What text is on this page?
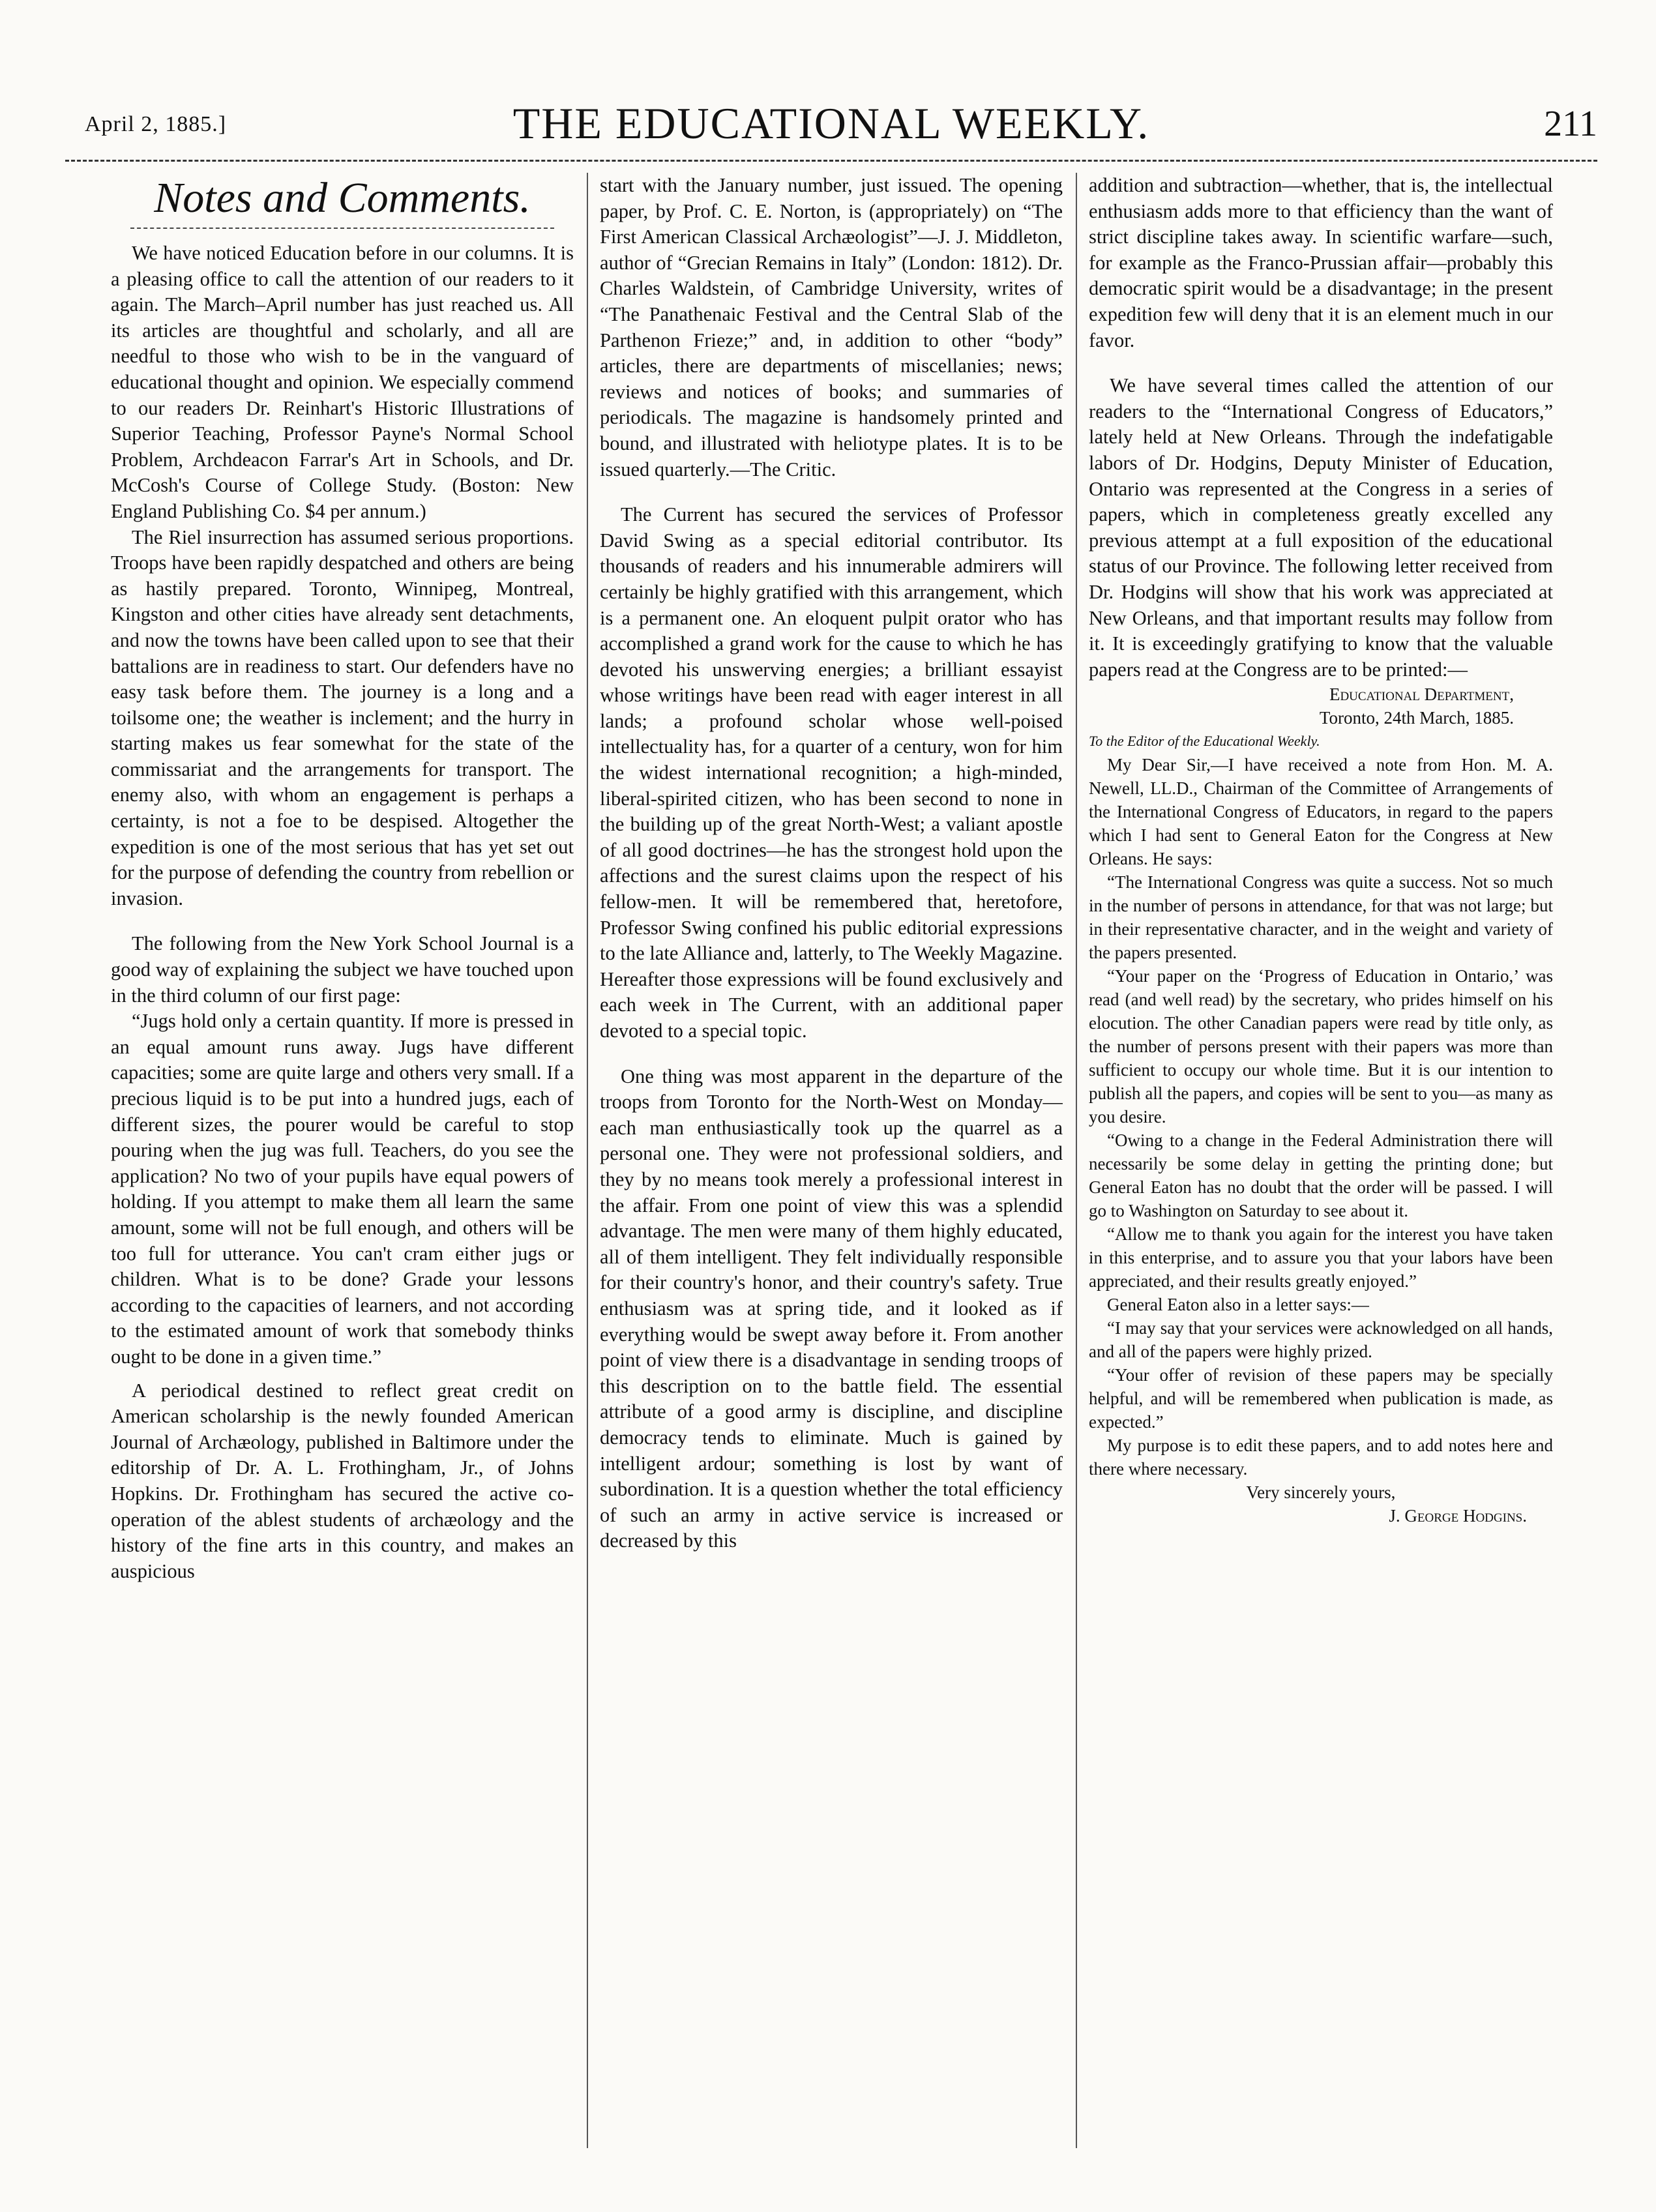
April 2, 1885.]	THE EDUCATIONAL WEEKLY.	211
Notes and Comments.

We have noticed Education before in our columns. It is a pleasing office to call the attention of our readers to it again. The March–April number has just reached us. All its articles are thoughtful and scholarly, and all are needful to those who wish to be in the vanguard of educational thought and opinion. We especially commend to our readers Dr. Reinhart's Historic Illustrations of Superior Teaching, Professor Payne's Normal School Problem, Archdeacon Farrar's Art in Schools, and Dr. McCosh's Course of College Study. (Boston: New England Publishing Co. $4 per annum.)

The Riel insurrection has assumed serious proportions. Troops have been rapidly despatched and others are being as hastily prepared. Toronto, Winnipeg, Montreal, Kingston and other cities have already sent detachments, and now the towns have been called upon to see that their battalions are in readiness to start. Our defenders have no easy task before them. The journey is a long and a toilsome one; the weather is inclement; and the hurry in starting makes us fear somewhat for the state of the commissariat and the arrangements for transport. The enemy also, with whom an engagement is perhaps a certainty, is not a foe to be despised. Altogether the expedition is one of the most serious that has yet set out for the purpose of defending the country from rebellion or invasion.

The following from the New York School Journal is a good way of explaining the subject we have touched upon in the third column of our first page:

“Jugs hold only a certain quantity. If more is pressed in an equal amount runs away. Jugs have different capacities; some are quite large and others very small. If a precious liquid is to be put into a hundred jugs, each of different sizes, the pourer would be careful to stop pouring when the jug was full. Teachers, do you see the application? No two of your pupils have equal powers of holding. If you attempt to make them all learn the same amount, some will not be full enough, and others will be too full for utterance. You can't cram either jugs or children. What is to be done? Grade your lessons according to the capacities of learners, and not according to the estimated amount of work that somebody thinks ought to be done in a given time.”

A periodical destined to reflect great credit on American scholarship is the newly founded American Journal of Archæology, published in Baltimore under the editorship of Dr. A. L. Frothingham, Jr., of Johns Hopkins. Dr. Frothingham has secured the active co-operation of the ablest students of archæology and the history of the fine arts in this country, and makes an auspicious

start with the January number, just issued. The opening paper, by Prof. C. E. Norton, is (appropriately) on “The First American Classical Archæologist”—J. J. Middleton, author of “Grecian Remains in Italy” (London: 1812). Dr. Charles Waldstein, of Cambridge University, writes of “The Panathenaic Festival and the Central Slab of the Parthenon Frieze;” and, in addition to other “body” articles, there are departments of miscellanies; news; reviews and notices of books; and summaries of periodicals. The magazine is handsomely printed and bound, and illustrated with heliotype plates. It is to be issued quarterly.—The Critic.

The Current has secured the services of Professor David Swing as a special editorial contributor. Its thousands of readers and his innumerable admirers will certainly be highly gratified with this arrangement, which is a permanent one. An eloquent pulpit orator who has accomplished a grand work for the cause to which he has devoted his unswerving energies; a brilliant essayist whose writings have been read with eager interest in all lands; a profound scholar whose well-poised intellectuality has, for a quarter of a century, won for him the widest international recognition; a high-minded, liberal-spirited citizen, who has been second to none in the building up of the great North-West; a valiant apostle of all good doctrines—he has the strongest hold upon the affections and the surest claims upon the respect of his fellow-men. It will be remembered that, heretofore, Professor Swing confined his public editorial expressions to the late Alliance and, latterly, to The Weekly Magazine. Hereafter those expressions will be found exclusively and each week in The Current, with an additional paper devoted to a special topic.

One thing was most apparent in the departure of the troops from Toronto for the North-West on Monday—each man enthusiastically took up the quarrel as a personal one. They were not professional soldiers, and they by no means took merely a professional interest in the affair. From one point of view this was a splendid advantage. The men were many of them highly educated, all of them intelligent. They felt individually responsible for their country's honor, and their country's safety. True enthusiasm was at spring tide, and it looked as if everything would be swept away before it. From another point of view there is a disadvantage in sending troops of this description on to the battle field. The essential attribute of a good army is discipline, and discipline democracy tends to eliminate. Much is gained by intelligent ardour; something is lost by want of subordination. It is a question whether the total efficiency of such an army in active service is increased or decreased by this

addition and subtraction—whether, that is, the intellectual enthusiasm adds more to that efficiency than the want of strict discipline takes away. In scientific warfare—such, for example as the Franco-Prussian affair—probably this democratic spirit would be a disadvantage; in the present expedition few will deny that it is an element much in our favor.

We have several times called the attention of our readers to the “International Congress of Educators,” lately held at New Orleans. Through the indefatigable labors of Dr. Hodgins, Deputy Minister of Education, Ontario was represented at the Congress in a series of papers, which in completeness greatly excelled any previous attempt at a full exposition of the educational status of our Province. The following letter received from Dr. Hodgins will show that his work was appreciated at New Orleans, and that important results may follow from it. It is exceedingly gratifying to know that the valuable papers read at the Congress are to be printed:—

Educational Department,

Toronto, 24th March, 1885.

To the Editor of the Educational Weekly.

My Dear Sir,—I have received a note from Hon. M. A. Newell, LL.D., Chairman of the Committee of Arrangements of the International Congress of Educators, in regard to the papers which I had sent to General Eaton for the Congress at New Orleans. He says:

“The International Congress was quite a success. Not so much in the number of persons in attendance, for that was not large; but in their representative character, and in the weight and variety of the papers presented.

“Your paper on the ‘Progress of Education in Ontario,’ was read (and well read) by the secretary, who prides himself on his elocution. The other Canadian papers were read by title only, as the number of persons present with their papers was more than sufficient to occupy our whole time. But it is our intention to publish all the papers, and copies will be sent to you—as many as you desire.

“Owing to a change in the Federal Administration there will necessarily be some delay in getting the printing done; but General Eaton has no doubt that the order will be passed. I will go to Washington on Saturday to see about it.

“Allow me to thank you again for the interest you have taken in this enterprise, and to assure you that your labors have been appreciated, and their results greatly enjoyed.”

General Eaton also in a letter says:—

“I may say that your services were acknowledged on all hands, and all of the papers were highly prized.

“Your offer of revision of these papers may be specially helpful, and will be remembered when publication is made, as expected.”

My purpose is to edit these papers, and to add notes here and there where necessary.

Very sincerely yours,

J. George Hodgins.
